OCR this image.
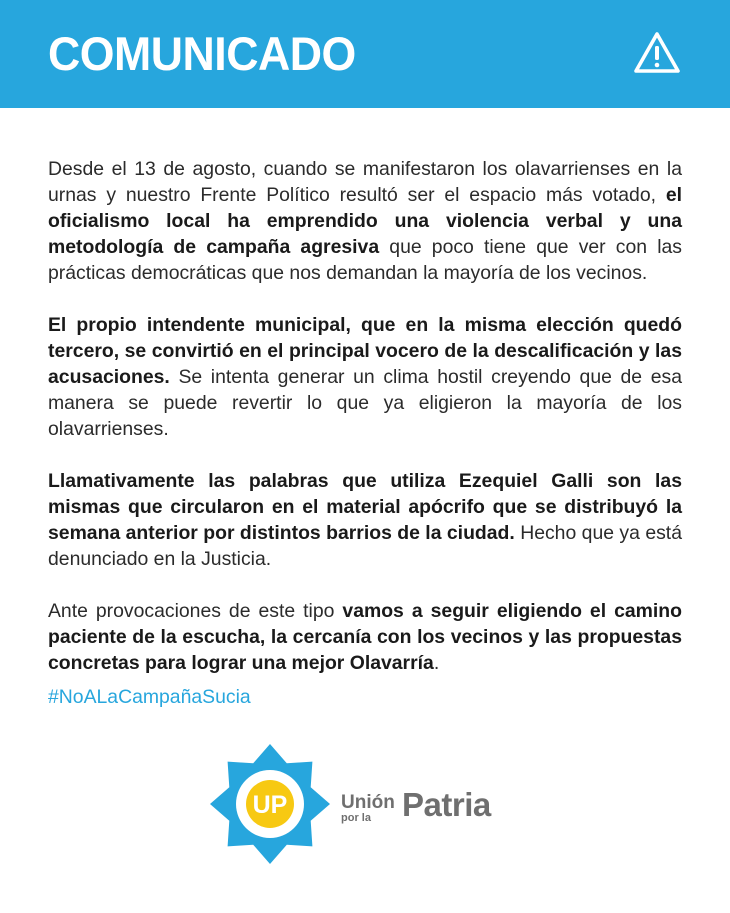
COMUNICADO

Desde el 13 de agosto, cuando se manifestaron los olavarrienses en la urnas y nuestro Frente Político resultó ser el espacio más votado, el oficialismo local ha emprendido una violencia verbal y una metodología de campaña agresiva que poco tiene que ver con las prácticas democráticas que nos demandan la mayoría de los vecinos.

El propio intendente municipal, que en la misma elección quedó tercero, se convirtió en el principal vocero de la descalificación y las acusaciones. Se intenta generar un clima hostil creyendo que de esa manera se puede revertir lo que ya eligieron la mayoría de los olavarrienses.

Llamativamente las palabras que utiliza Ezequiel Galli son las mismas que circularon en el material apócrifo que se distribuyó la semana anterior por distintos barrios de la ciudad. Hecho que ya está denunciado en la Justicia.

Ante provocaciones de este tipo vamos a seguir eligiendo el camino paciente de la escucha, la cercanía con los vecinos y las propuestas concretas para lograr una mejor Olavarría.

#NoALaCampañaSucia
UP	Unión
por la Patria
